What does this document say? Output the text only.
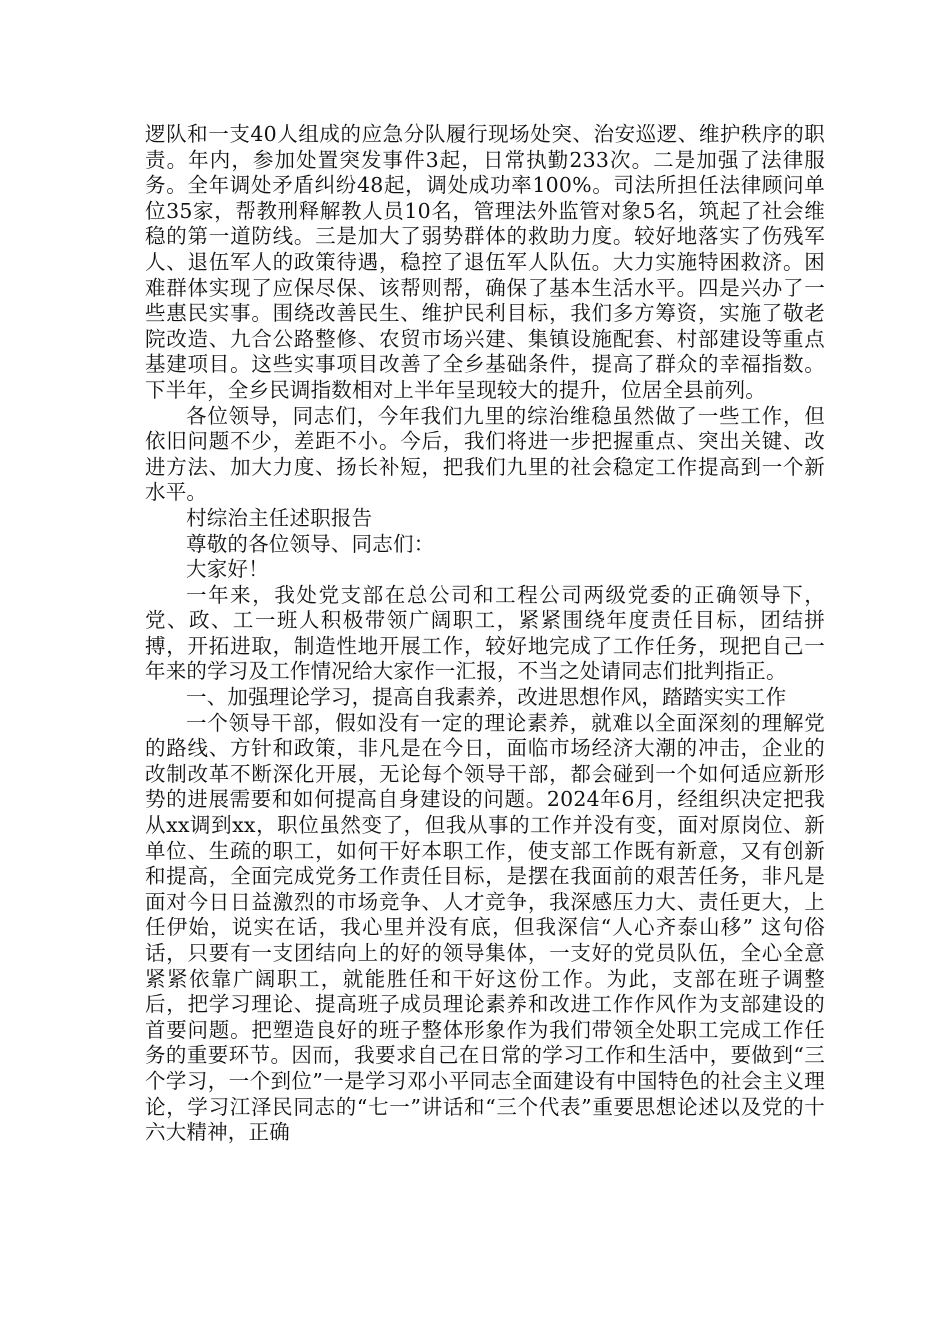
逻队和一支40人组成的应急分队履行现场处突、治安巡逻、维护秩序的职责。年内，参加处置突发事件3起，日常执勤233次。二是加强了法律服务。全年调处矛盾纠纷48起，调处成功率100%。司法所担任法律顾问单位35家，帮教刑释解教人员10名，管理法外监管对象5名，筑起了社会维稳的第一道防线。三是加大了弱势群体的救助力度。较好地落实了伤残军人、退伍军人的政策待遇，稳控了退伍军人队伍。大力实施特困救济。困难群体实现了应保尽保、该帮则帮，确保了基本生活水平。四是兴办了一些惠民实事。围绕改善民生、维护民利目标，我们多方筹资，实施了敬老院改造、九合公路整修、农贸市场兴建、集镇设施配套、村部建设等重点基建项目。这些实事项目改善了全乡基础条件，提高了群众的幸福指数。下半年，全乡民调指数相对上半年呈现较大的提升，位居全县前列。

各位领导，同志们，今年我们九里的综治维稳虽然做了一些工作，但依旧问题不少，差距不小。今后，我们将进一步把握重点、突出关键、改进方法、加大力度、扬长补短，把我们九里的社会稳定工作提高到一个新水平。

村综治主任述职报告

尊敬的各位领导、同志们：

大家好！

一年来，我处党支部在总公司和工程公司两级党委的正确领导下，党、政、工一班人积极带领广阔职工，紧紧围绕年度责任目标，团结拼搏，开拓进取，制造性地开展工作，较好地完成了工作任务，现把自己一年来的学习及工作情况给大家作一汇报，不当之处请同志们批判指正。

一、加强理论学习，提高自我素养，改进思想作风，踏踏实实工作

一个领导干部，假如没有一定的理论素养，就难以全面深刻的理解党的路线、方针和政策，非凡是在今日，面临市场经济大潮的冲击，企业的改制改革不断深化开展，无论每个领导干部，都会碰到一个如何适应新形势的进展需要和如何提高自身建设的问题。2024年6月，经组织决定把我从xx调到xx，职位虽然变了，但我从事的工作并没有变，面对原岗位、新单位、生疏的职工，如何干好本职工作，使支部工作既有新意，又有创新和提高，全面完成党务工作责任目标，是摆在我面前的艰苦任务，非凡是面对今日日益激烈的市场竞争、人才竞争，我深感压力大、责任更大，上任伊始，说实在话，我心里并没有底，但我深信“人心齐泰山移” 这句俗话，只要有一支团结向上的好的领导集体，一支好的党员队伍，全心全意紧紧依靠广阔职工，就能胜任和干好这份工作。为此，支部在班子调整后，把学习理论、提高班子成员理论素养和改进工作作风作为支部建设的首要问题。把塑造良好的班子整体形象作为我们带领全处职工完成工作任务的重要环节。因而，我要求自己在日常的学习工作和生活中，要做到“三个学习，一个到位”一是学习邓小平同志全面建设有中国特色的社会主义理论，学习江泽民同志的“七一”讲话和“三个代表”重要思想论述以及党的十六大精神，正确
